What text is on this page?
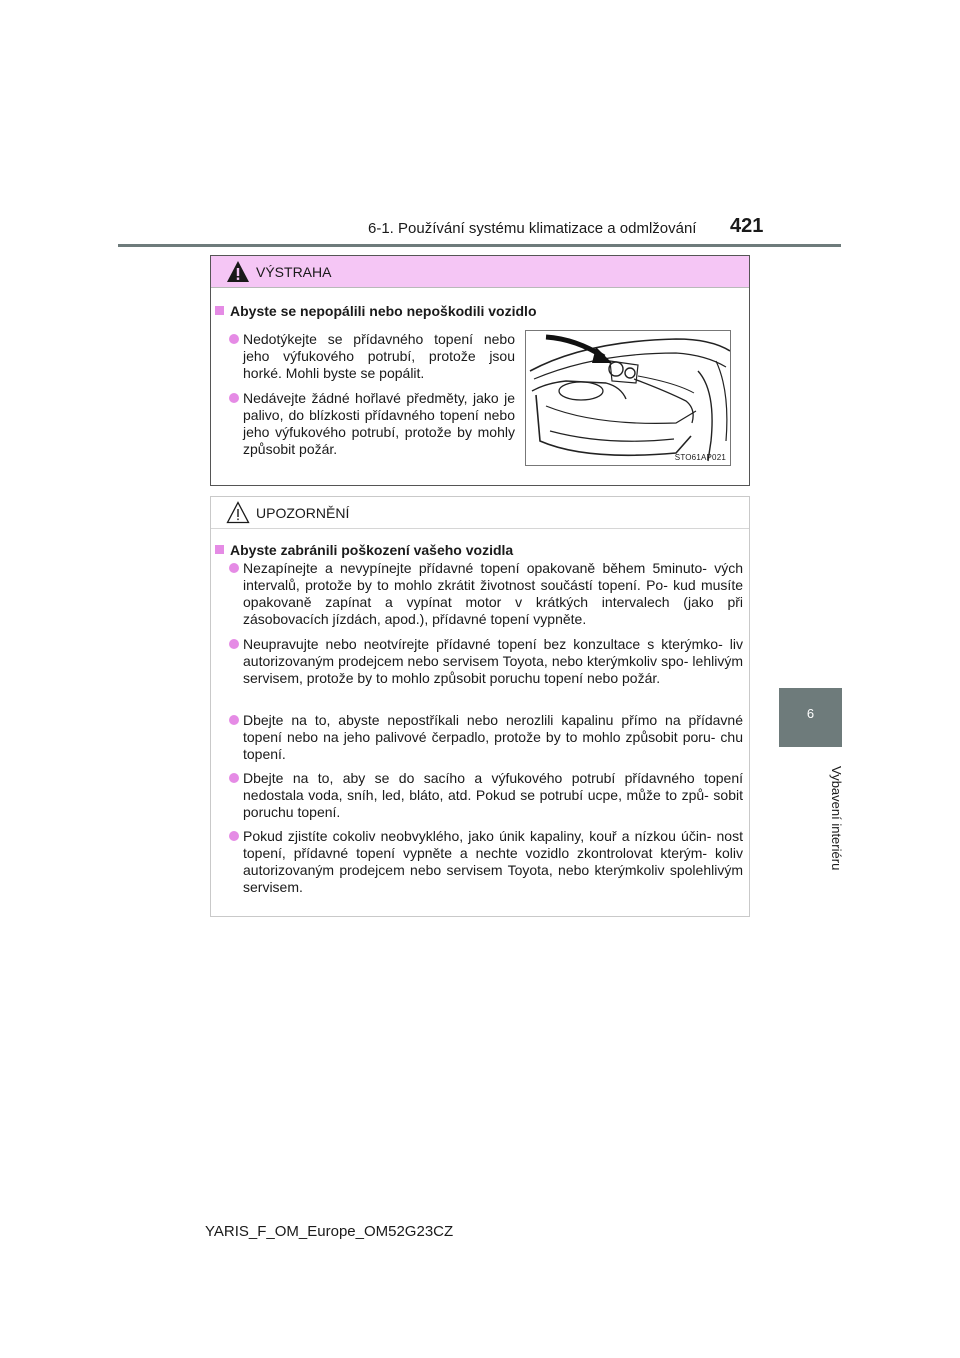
6-1. Používání systému klimatizace a odmlžování 421
6
Vybavení interiéru
VÝSTRAHA
Abyste se nepopálili nebo nepoškodili vozidlo
Nedotýkejte se přídavného topení nebo jeho výfukového potrubí, protože jsou horké. Mohli byste se popálit.
Nedávejte žádné hořlavé předměty, jako je palivo, do blízkosti přídavného topení nebo jeho výfukového potrubí, protože by mohly způsobit požár.
STO61AP021
UPOZORNĚNÍ
Abyste zabránili poškození vašeho vozidla
Nezapínejte a nevypínejte přídavné topení opakovaně během 5minuto- vých intervalů, protože by to mohlo zkrátit životnost součástí topení. Po- kud musíte opakovaně zapínat a vypínat motor v krátkých intervalech (jako při zásobovacích jízdách, apod.), přídavné topení vypněte.
Neupravujte nebo neotvírejte přídavné topení bez konzultace s kterýmko- liv autorizovaným prodejcem nebo servisem Toyota, nebo kterýmkoliv spo- lehlivým servisem, protože by to mohlo způsobit poruchu topení nebo požár.
Dbejte na to, abyste nepostříkali nebo nerozlili kapalinu přímo na přídavné topení nebo na jeho palivové čerpadlo, protože by to mohlo způsobit poru- chu topení.
Dbejte na to, aby se do sacího a výfukového potrubí přídavného topení nedostala voda, sníh, led, bláto, atd. Pokud se potrubí ucpe, může to způ- sobit poruchu topení.
Pokud zjistíte cokoliv neobvyklého, jako únik kapaliny, kouř a nízkou účin- nost topení, přídavné topení vypněte a nechte vozidlo zkontrolovat kterým- koliv autorizovaným prodejcem nebo servisem Toyota, nebo kterýmkoliv spolehlivým servisem.
YARIS_F_OM_Europe_OM52G23CZ
